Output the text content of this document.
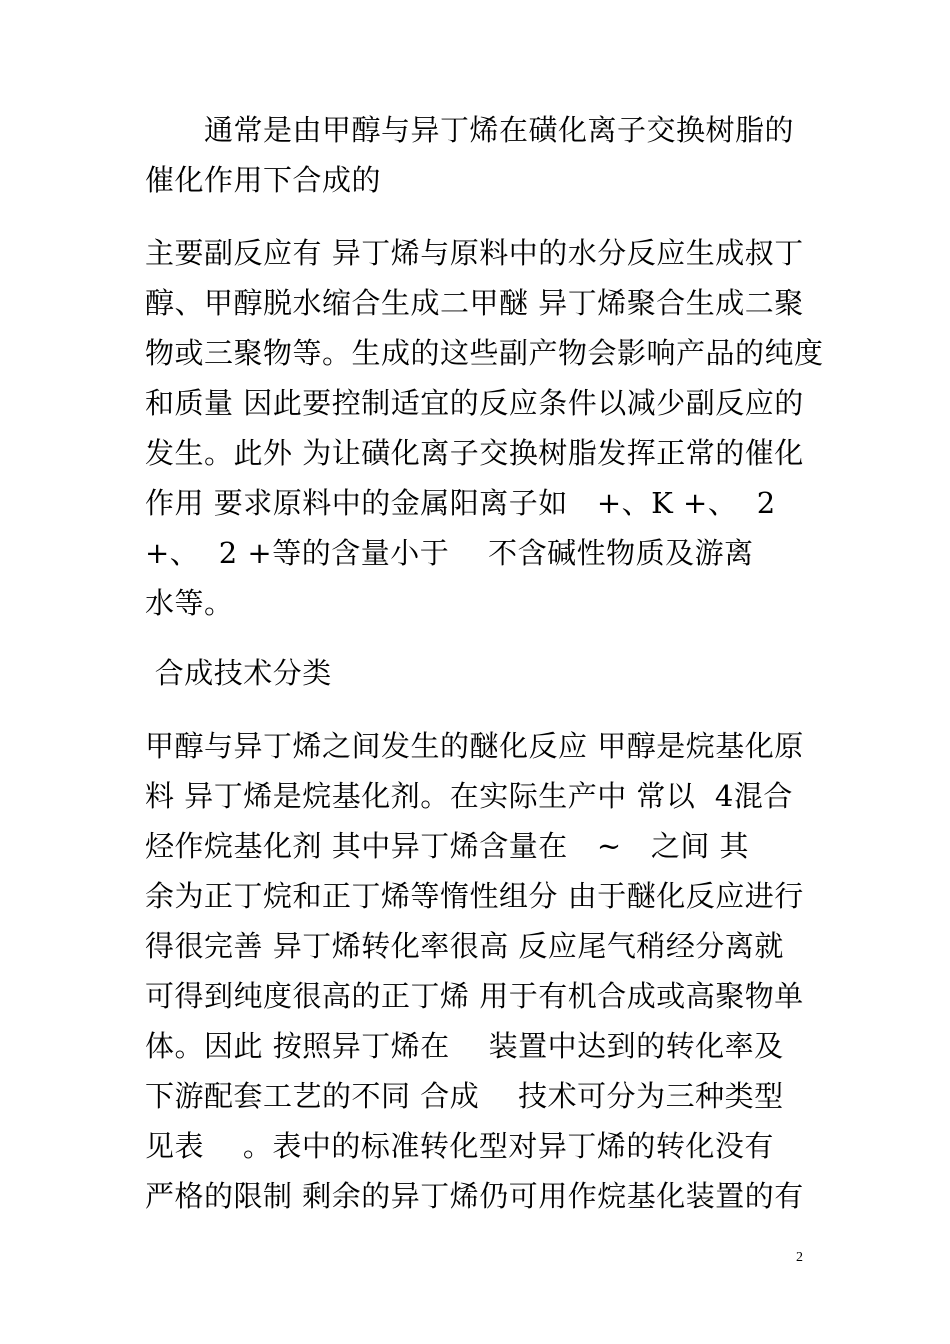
　　通常是由甲醇与异丁烯在磺化离子交换树脂的
催化作用下合成的
主要副反应有 异丁烯与原料中的水分反应生成叔丁
醇、甲醇脱水缩合生成二甲醚 异丁烯聚合生成二聚
物或三聚物等。生成的这些副产物会影响产品的纯度
和质量 因此要控制适宜的反应条件以减少副反应的
发生。此外 为让磺化离子交换树脂发挥正常的催化
作用 要求原料中的金属阳离子如   +、K +、  2
+、  2 +等的含量小于    不含碱性物质及游离
水等。
合成技术分类
甲醇与异丁烯之间发生的醚化反应 甲醇是烷基化原
料 异丁烯是烷基化剂。在实际生产中 常以  4混合
烃作烷基化剂 其中异丁烯含量在   ~   之间 其
余为正丁烷和正丁烯等惰性组分 由于醚化反应进行
得很完善 异丁烯转化率很高 反应尾气稍经分离就
可得到纯度很高的正丁烯 用于有机合成或高聚物单
体。因此 按照异丁烯在    装置中达到的转化率及
下游配套工艺的不同 合成    技术可分为三种类型
见表    。表中的标准转化型对异丁烯的转化没有
严格的限制 剩余的异丁烯仍可用作烷基化装置的有
2
